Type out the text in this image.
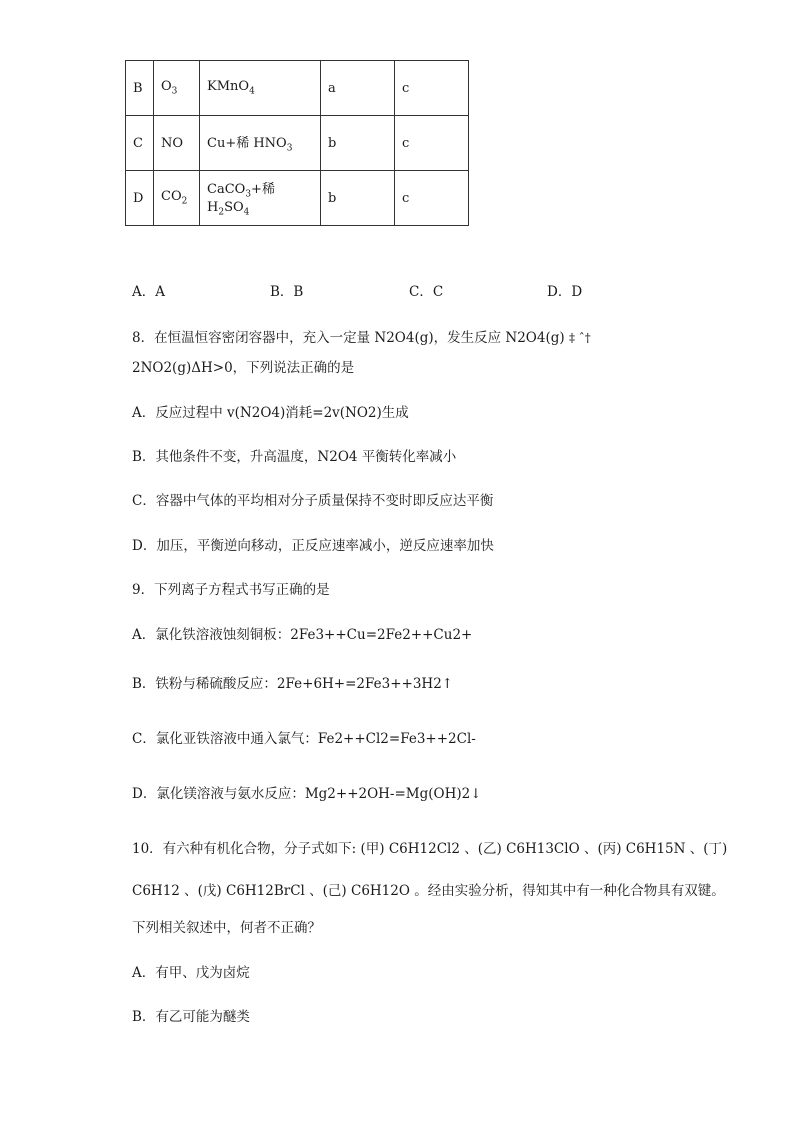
B	$O_3$	KMnO$_4$	a	c
C	NO	Cu+稀 $HNO_3$	b	c
D	$CO_2$	CaCO$_3$+稀 $H_2SO_4$	b	c
A．A	B．B	C．C	D．D
8．在恒温恒容密闭容器中，充入一定量 N2O4(g)，发生反应 N2O4(g) ‡ ˆ†
2NO2(g)ΔH>0，下列说法正确的是
A．反应过程中 v(N2O4)消耗=2v(NO2)生成
B．其他条件不变，升高温度，N2O4 平衡转化率减小
C．容器中气体的平均相对分子质量保持不变时即反应达平衡
D．加压，平衡逆向移动，正反应速率减小，逆反应速率加快
9．下列离子方程式书写正确的是
A．氯化铁溶液蚀刻铜板：2Fe3++Cu=2Fe2++Cu2+
B．铁粉与稀硫酸反应：2Fe+6H+=2Fe3++3H2↑
C．氯化亚铁溶液中通入氯气：Fe2++Cl2=Fe3++2Cl-
D．氯化镁溶液与氨水反应：Mg2++2OH-=Mg(OH)2↓
10．有六种有机化合物，分子式如下: (甲) C6H12Cl2 、(乙) C6H13ClO 、(丙) C6H15N 、(丁)
C6H12 、(戊) C6H12BrCl 、(己) C6H12O 。经由实验分析，得知其中有一种化合物具有双键。
下列相关叙述中，何者不正确？
A．有甲、戊为卤烷
B．有乙可能为醚类
